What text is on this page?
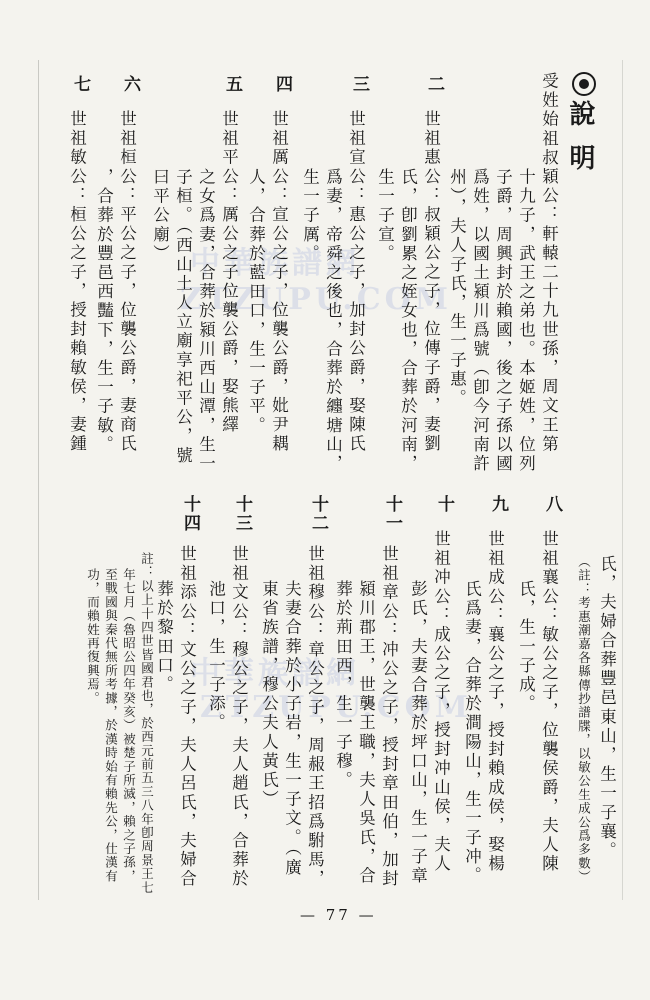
中華族譜網
ZTZUPU.COM
中華族譜網
ZTZUPU.COM
說明
受姓始祖叔穎公：軒轅二十九世孫，周文王第
十九子，武王之弟也。本姬姓，位列
子爵，周興封於賴國，後之子孫以國
爲姓，以國土潁川爲號（卽今河南許
州），夫人子氏，生一子惠。
二
世祖惠公：叔穎公之子，位傳子爵，妻劉
氏，卽劉累之姪女也，合葬於河南，
生一子宣。
三
世祖宣公：惠公之子，加封公爵，娶陳氏
爲妻，帝舜之後也，合葬於纏塘山，
生一子厲。
四
世祖厲公：宣公之子，位襲公爵，妣尹耦
人，合葬於藍田口，生一子平。
五
世祖平公：厲公之子位襲公爵，娶熊繹
之女爲妻，合葬於潁川西山潭，生一
子桓。（西山土人立廟享祀平公，號
曰平公廟）
六
世祖桓公：平公之子，位襲公爵，妻商氏
，合葬於豐邑西豔下，生一子敏。
七
世祖敏公：桓公之子，授封賴敏侯，妻鍾
氏，夫婦合葬豐邑東山，生一子襄。
（註：考惠潮嘉各縣傳抄譜牒，以敏公生成公爲多數）
八
世祖襄公：敏公之子，位襲侯爵，夫人陳
氏，生一子成。
九
世祖成公：襄公之子，授封賴成侯，娶楊
氏爲妻，合葬於澗陽山，生一子冲。
十
世祖冲公：成公之子，授封冲山侯，夫人
彭氏，夫妻合葬於坪口山，生一子章
十一
世祖章公：冲公之子，授封章田伯，加封
潁川郡王，世襲王職，夫人吳氏，合
葬於荊田西，生一子穆。
十二
世祖穆公：章公之子，周赧王招爲駙馬，
夫妻合葬於小子岩，生一子文。（廣
東省族譜，穆公夫人黃氏）
十三
世祖文公：穆公之子，夫人趙氏，合葬於
池口，生一子添。
十四
世祖添公：文公之子，夫人呂氏，夫婦合
葬於黎田口。
註：以上十四世皆國君也，於西元前五三八年卽周景王七
年七月（魯昭公四年癸亥）被楚子所滅，賴之子孫，
至戰國與秦代無所考據，於漢時始有賴先公，仕漢有
功，而賴姓再復興焉。
— 77 —
